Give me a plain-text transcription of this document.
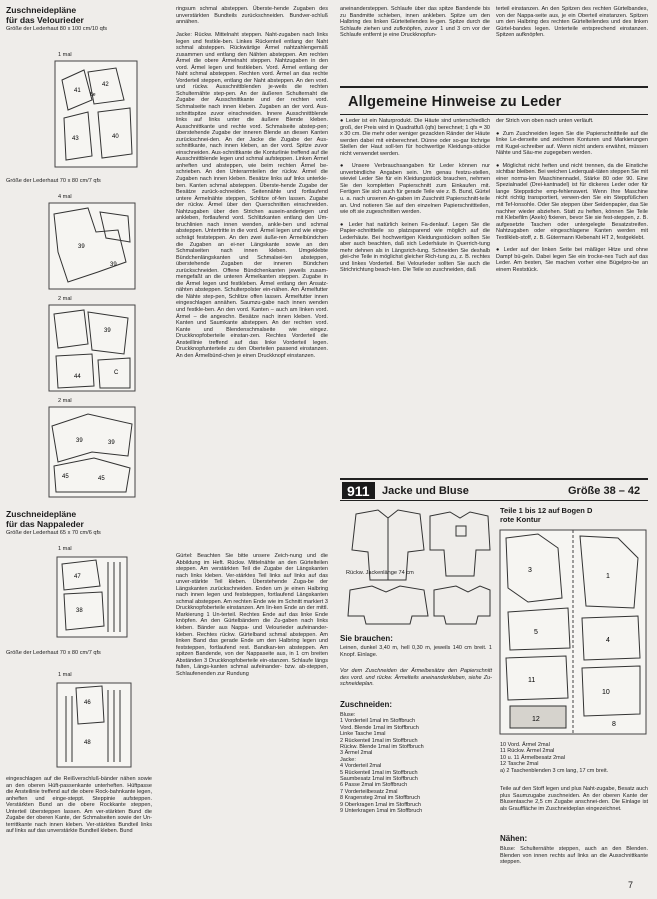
Zuschneidepläne
für das Velourieder
Größe der Lederhaut 80 x 100 cm/10 qfs
1 mal
41
42
43	40
8e
Größe der Lederhaut 70 x 80 cm/7 qfs
4 mal
39
39
2 mal
44
C
39
2 mal
39	39
45	45
Zuschneidepläne
für das Nappaleder
Größe der Lederhaut 65 x 70 cm/6 qfs
1 mal
47
38
Größe der Lederhaut 70 x 80 cm/7 qfs
1 mal
46
48
eingeschlagen auf die Reißverschluß-bänder nähen sowie an den oberen Hüft-passenkante unterheften. Hüftpasse die Ansteilinie treffend auf die obere Rock-bahnkante legen, anheften und einge-steppt. Steppinie aufsteppen. Verstärkten Bund an die obere Rockkante steppen, Unterteil übersteppen lassen. Am ver-stärkten Bund die Zugabe der oberen Kante, der Schmalseiten sowie der Un-territtkante nach innen kleben. Ver-stärktes Bundteil links auf links auf das unverstärkte Bundteil kleben. Bund
ringsum schmal absteppen. Überste-hende Zugaben des unverstärkten Bundteils zurückschneiden. Bundver-schluß annähen.
Jacke: Rückw. Mittelnaht steppen. Naht-zugaben nach links legen und festkle-ben. Linkes Rückenteil entlang der Naht schmal absteppen. Rückwärtige Ärmel nahtzahlengemäß zusammen und entlang den Nähten absteppen. Am rechten Ärmel die obere Ärmelnaht steppen. Nahtzugaben in den vord. Ärmel legen und festkleben. Vord. Ärmel entlang der Naht schmal absteppen. Rechten vord. Ärmel an das rechte Vorderteil steppen, entlang der Naht absteppen. An den vord. und rückw. Ausschnittblenden je-weils die rechten Schulternähte step-pen. An der äußeren Schulternaht die Zugabe der Ausschnittkante und der rechten vord. Schmalseite nach innen kleben. Zugaben an der vord. Aus-schnittspitze zuvor einschneiden. Innere Ausschnittblende links auf links unter die äußere Blende kleben. Ausschnittkante und rechte vord. Schmalseite abstep-pen; überstehende Zugabe der inneren Blende an diesen Kanten zurückschnei-den. An der Jacke die Zugabe der Aus-schnittkante, nach innen kleben, an der vord. Spitze zuvor einschneiden. Aus-schnittkante die Konturlinie treffend auf die Ausschnittblende legen und schmal aufsteppen. Linken Ärmel anheften und absteppen, wie beim rechten Ärmel be-schrieben. An den Unterarmteilen der rückw. Ärmel die Zugaben nach innen kleben. Besätze links auf links unterkle-ben. Kanten schmal absteppen. Überste-hende Zugabe der Besätze zurück-schneiden. Seitennähte und fortlaufend untere Ärmelnähte steppen, Schlitze of-fen lassen. Zugabe der rückw. Ärmel über den Querschnitten einschneiden. Nahtzugaben über den Strichen ausein-anderlegen und ankleben, fortlaufend vord. Schlitzkanten entlang den Um-bruchlinien nach innen wenden, ankle-ben und schmal absteppen. Untertritte in die vord. Ärmel legen und wie einge-schrägt feststeppen. An den zwei äuße-ren Ärmelbündchen die Zugaben an ei-ner Längskante sowie an den Schmalseiten nach innen kleben. Umgeklebte Bündchenlängskanten und Schmalsei-ten absteppen, überstehende Zugaben der inneren Bündchen zurückschneiden. Offene Bündchenkanten jeweils zusam-mengefaßt an die unteren Ärmelkanten steppen. Zugabe in die Ärmel legen und festkleben. Ärmel entlang den Ansatz-nähten absteppen. Schulterpolster ein-nähen. Am Ärmelfutter die Nähte step-pen, Schlitze offen lassen. Ärmelfutter innen eingeschlagen annähen. Saumzu-gabe nach innen wenden und festkle-ben. An den vord. Kanten – auch am linken vord. Ärmel – die angeschn. Besätze nach innen kleben. Vord. Kanten und Saumkante absteppen. An der rechten vord. Kante und Blendenschmalseite wie eingez. Druckknopfoberteile einstan-zen. Rechtes Vorderteil die Ansteillinie treffend auf das linke Vorderteil legen. Druckknopfunterteile zu den Oberteilen passend einstanzen. An den Ärmelbünd-chen je einen Druckknopf einstanzen.
Gürtel: Beachten Sie bitte unsere Zeich-nung und die Abbildung im Heft. Rückw. Mittelnähte an den Gürtelteilen steppen. Am verstärkten Teil die Zugabe der Längskanten nach links kleben. Ver-stärktes Teil links auf links auf das unver-stärkte Teil kleben. Überstehende Zuga-be der Längskanten zurückschneiden. Enden um je einen Halbring nach innen legen und feststeppen, fortlaufend Längskanten schmal absteppen. Am rechten Ende wie im Schnitt markiert 3 Druckknopfoberteile einstanzen. Am lin-ken Ende an der mittl. Markierung 1 Un-terteil. Rechtes Ende auf das linke Ende knöpfen. An den Gürtelbändern die Zu-gaben nach links kleben. Bänder aus Nappa- und Velourieder aufeinander-kleben. Rechtes rückw. Gürtelband schmal absteppen. Am linken Band das gerade Ende um den Halbring legen und feststeppen, fortlaufend rest. Bandkan-ten absteppen. Am spitzen Bandende, von der Nappaseite aus, in 1 cm breiten Abständen 3 Druckknopfoberteile ein-stanzen. Schlaufe längs falten, Längs-kanten schmal aufeinander- bzw. ab-steppen, Schlaufenenden zur Rundung
aneinandersteppen. Schlaufe über das spitze Bandende bis zu Bandmitte schieben, innen ankleben. Spitze um den Halbring des linken Gürteiteilendes le-gen. Spitze durch die Schlaufe ziehen und zufknöpfen, zuvor 1 und 3 cm vor der Schlaufe entfernt je eine Druckknopfun-
terteil einstanzen. An den Spitzen des rechten Gürtelbandes, von der Nappa-seite aus, je ein Oberteil einstanzen. Spitzen um den Halbring des rechten Gürtelteilendes und des linken Gürtel-bandes legen. Unterteile entsprechend einstanzen. Spitzen aufknöpfen.
Allgemeine Hinweise zu Leder

● Leder ist ein Naturprodukt. Die Häute sind unterschiedlich groß, der Preis wird in Quadratfuß (qfs) berechnet; 1 qfs = 30 x 30 cm. Die mehr oder weniger gezackten Ränder der Häute werden dabei mit einberechnet. Dünne oder so-gar löchrige Stellen der Haut soll-ten für hochwertige Kleidungs-stücke nicht verwendet werden.

● Unsere Verbrauchsangaben für Leder können nur unverbindliche Angaben sein. Um genau festzu-stellen, wieviel Leder Sie für ein Kleidungsstück brauchen, nehmen Sie den kompletten Papierschnitt zum Einkaufen mit. Fertigen Sie sich auch für gerade Teile wie z. B. Bund, Gürtel u. a. nach unseren An-gaben im Zuschnitt Papierschnitt-teile an. Und notieren Sie auf den einzelnen Papierschnittteilen, wie oft sie zugeschnitten werden.

● Leder hat natürlich keinen Fa-denlauf. Legen Sie die Papier-schnittteile so platzsparend wie möglich auf die Lederhäute. Bei hochwertigen Kleidungsstücken sollten Sie aber auch beachten, daß sich Lederhäute in Querrich-tung mehr dehnen als in Längsrich-tung. Schneiden Sie deshalb glei-che Teile in möglichst gleicher Rich-tung zu, z. B. rechtes und linkes Vorderteil. Bei Velourleder sollten Sie auch die Strichrichtung beach-ten. Die Teile so zuschneiden, daß

der Strich von oben nach unten verläuft.

● Zum Zuschneiden legen Sie die Papierschnittteile auf die linke Le-derseite und zeichnen Konturen und Markierungen mit Kugel-schreiber auf. Wenn nicht anders erwähnt, müssen Nähte und Säu-me zugegeben werden.

● Möglichst nicht heften und nicht trennen, da die Einstiche sichtbar bleiben. Bei weichen Lederquali-täten steppen Sie mit einer norma-len Maschinennadel, Stärke 80 oder 90. Eine Spezialnadel (Drei-kantnadel) ist für dickeres Leder oder für lange Steppstiche emp-fehlenswert. Wenn Ihre Maschine nicht richtig transportiert, verwen-den Sie ein Steppfüßchen mit Tef-lonsohle. Oder Sie steppen über Seidenpapier, das Sie nachher wieder abziehen. Statt zu heften, können Sie Teile mit Klebefilm (Axelo) fixieren, bevor Sie sie fest-steppen, z. B. aufgesetzte Taschen oder untergelegte Besatzstreifen. Nahtzugaben oder eingeschlagene Kanten werden mit Textilkleb-stoff, z. B. Gütermann Klebenaht HT 2, festgeklebt.

● Leder auf der linken Seite bei mäßiger Hitze und ohne Dampf bü-geln. Dabei legen Sie ein trocke-nes Tuch auf das Leder. Am besten, Sie machen vorher eine Bügelpro-be an einem Reststück.

911	Jacke und Bluse	Größe 38 – 42
Rückw. Jackenlänge 74 cm
Sie brauchen:
Leinen, dunkel 3,40 m, hell 0,30 m, jeweils 140 cm breit. 1 Knopf. Einlage.
Vor dem Zuschneiden der Ärmelbesätze den Papierschnitt des vord. und rückw. Ärmelteils aneinanderkleben, siehe Zu-schneideplan.
Zuschneiden:
Bluse:
1 Vorderteil 1mal im Stoffbruch
Vord. Blende 1mal im Stoffbruch
Linke Tasche 1mal
2 Rückenteil 1mal im Stoffbruch
Rückw. Blende 1mal im Stoffbruch
3 Ärmel 2mal
Jacke:
4 Vorderteil 2mal
5 Rückenteil 1mal im Stoffbruch
Saumbesatz 1mal im Stoffbruch
6 Passe 2mal im Stoffbruch
7 Vorderteilbesatz 2mal
8 Kragensteg 2mal im Stoffbruch
9 Oberkragen 1mal im Stoffbruch
9 Unterkragen 1mal im Stoffbruch
Teile 1 bis 12 auf Bogen D
rote Kontur
3
1
5
4
11
10
12
8
10 Vord. Ärmel 2mal
11 Rückw. Ärmel 2mal
10 u. 11 Ärmelbesatz 2mal
12 Tasche 2mal
a) 2 Taschenblenden 3 cm lang, 17 cm breit.
Teile auf den Stoff legen und plus Naht-zugabe, Besatz auch plus Saumzugabe zuschneiden. An der oberen Kante der Blusentasche 2,5 cm Zugabe anschnei-den. Die Einlage ist als Grauffläche im Zuschneideplan eingezeichnet.
Nähen:
Bluse: Schulternähte steppen, auch an den Blenden. Blenden von innen rechts auf links an die Ausschnittkante steppen.
7
